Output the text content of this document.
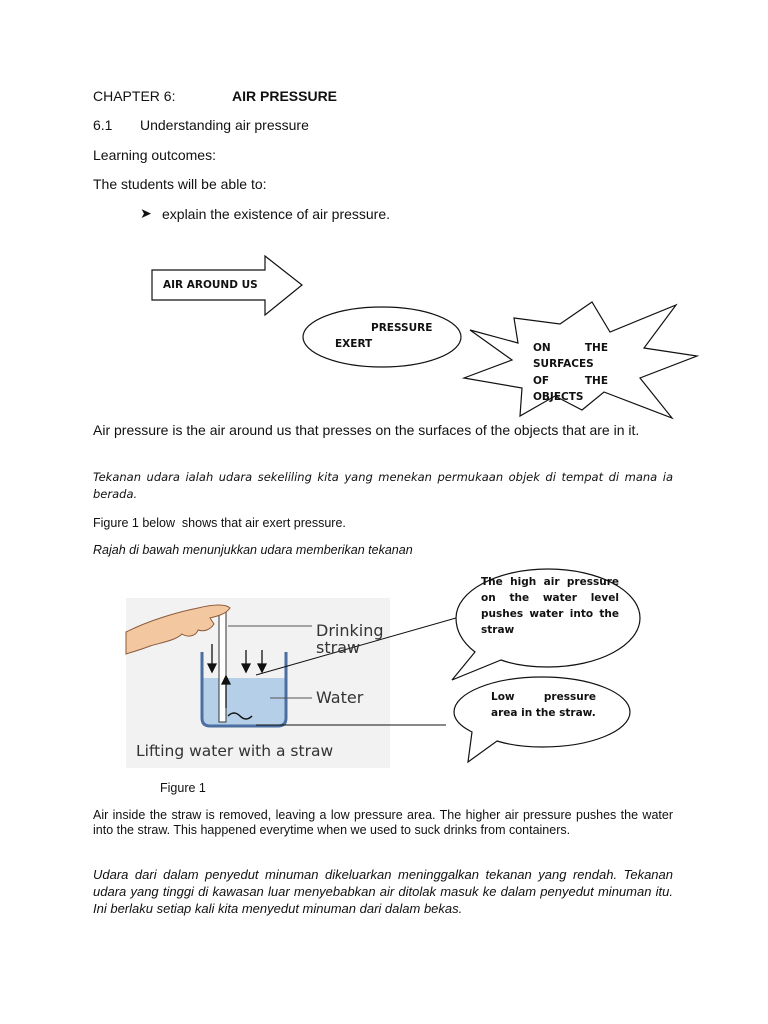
CHAPTER 6:	AIR PRESSURE
6.1 Understanding air pressure
Learning outcomes:
The students will be able to:
➤ explain the existence of air pressure.
AIR AROUND US
PRESSURE
EXERT	ON	THE
SURFACES
OF	THE
OBJECTS
Air pressure is the air around us that presses on the surfaces of the objects that are in it.
Tekanan udara ialah udara sekeliling kita yang menekan permukaan objek di tempat di mana ia berada.
Figure 1 below  shows that air exert pressure.
Rajah di bawah menunjukkan udara memberikan tekanan
Drinking
straw
Water
Lifting water with a straw
The high air pressure on the water level pushes water into the straw
Low	pressure
area in the straw.
Figure 1
Air inside the straw is removed, leaving a low pressure area. The higher air pressure pushes the water into the straw. This happened everytime when we used to suck drinks from containers.
Udara dari dalam penyedut minuman dikeluarkan meninggalkan tekanan yang rendah. Tekanan udara yang tinggi di kawasan luar menyebabkan air ditolak masuk ke dalam penyedut minuman itu. Ini berlaku setiap kali kita menyedut minuman dari dalam bekas.
